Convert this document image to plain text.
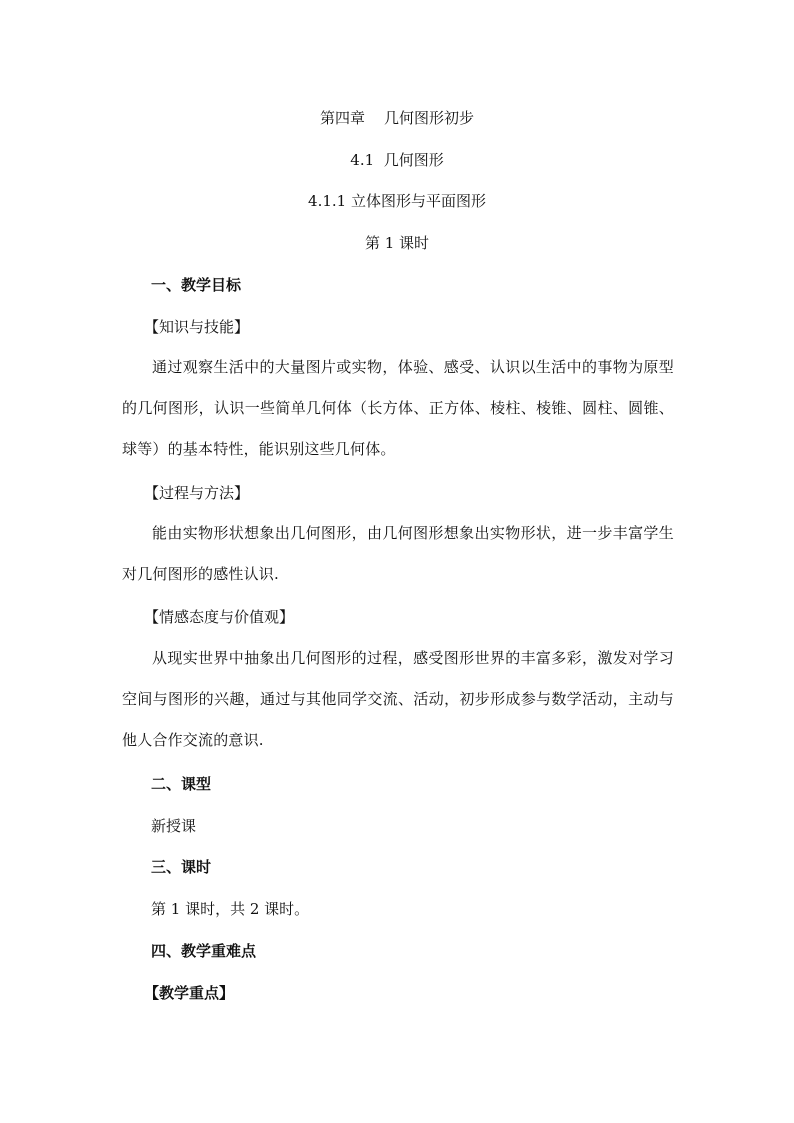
第四章    几何图形初步
4.1  几何图形
4.1.1 立体图形与平面图形
第 1 课时
一、教学目标
【知识与技能】
通过观察生活中的大量图片或实物，体验、感受、认识以生活中的事物为原型的几何图形，认识一些简单几何体（长方体、正方体、棱柱、棱锥、圆柱、圆锥、球等）的基本特性，能识别这些几何体。
【过程与方法】
能由实物形状想象出几何图形，由几何图形想象出实物形状，进一步丰富学生对几何图形的感性认识.
【情感态度与价值观】
从现实世界中抽象出几何图形的过程，感受图形世界的丰富多彩，激发对学习空间与图形的兴趣，通过与其他同学交流、活动，初步形成参与数学活动，主动与他人合作交流的意识.
二、课型
新授课
三、课时
第 1 课时，共 2 课时。
四、教学重难点
【教学重点】
